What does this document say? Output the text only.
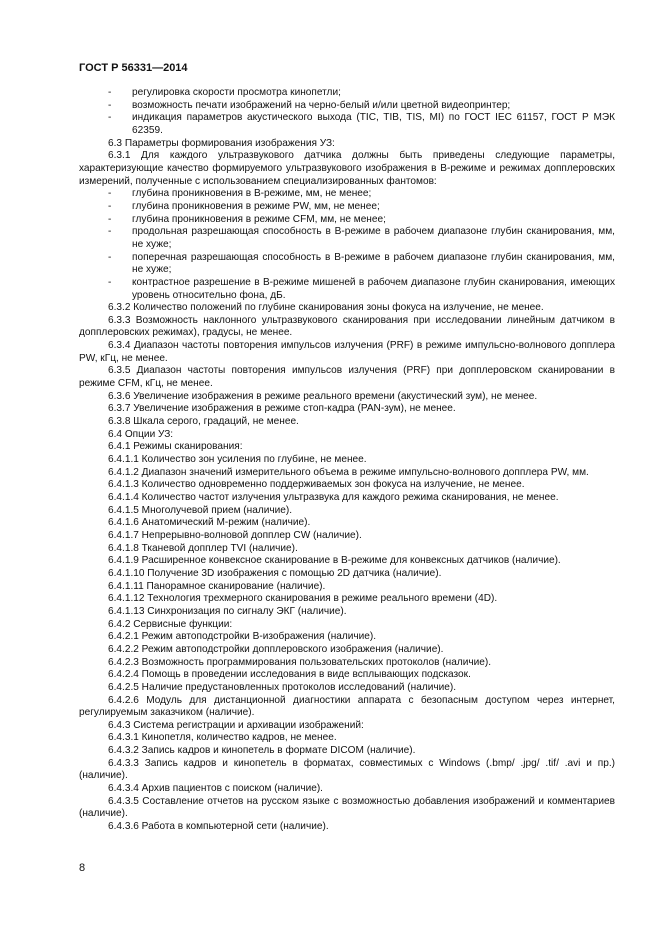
ГОСТ Р 56331—2014

- регулировка скорости просмотра кинопетли;

- возможность печати изображений на черно-белый и/или цветной видеопринтер;

- индикация параметров акустического выхода (TIC, TIB, TIS, MI) по ГОСТ IEC 61157, ГОСТ Р МЭК 62359.

6.3 Параметры формирования изображения УЗ:

6.3.1 Для каждого ультразвукового датчика должны быть приведены следующие параметры, характеризующие качество формируемого ультразвукового изображения в В-режиме и режимах допплеровских измерений, полученные с использованием специализированных фантомов:

- глубина проникновения в В-режиме, мм, не менее;

- глубина проникновения в режиме PW, мм, не менее;

- глубина проникновения в режиме CFM, мм, не менее;

- продольная разрешающая способность в В-режиме в рабочем диапазоне глубин сканирования, мм, не хуже;

- поперечная разрешающая способность в В-режиме в рабочем диапазоне глубин сканирования, мм, не хуже;

- контрастное разрешение в В-режиме мишеней в рабочем диапазоне глубин сканирования, имеющих уровень относительно фона, дБ.

6.3.2 Количество положений по глубине сканирования зоны фокуса на излучение, не менее.

6.3.3 Возможность наклонного ультразвукового сканирования при исследовании линейным датчиком в допплеровских режимах), градусы, не менее.

6.3.4 Диапазон частоты повторения импульсов излучения (PRF) в режиме импульсно-волнового допплера PW, кГц, не менее.

6.3.5 Диапазон частоты повторения импульсов излучения (PRF) при допплеровском сканировании в режиме CFM, кГц, не менее.

6.3.6 Увеличение изображения в режиме реального времени (акустический зум), не менее.

6.3.7 Увеличение изображения в режиме стоп-кадра (PAN-зум), не менее.

6.3.8 Шкала серого, градаций, не менее.

6.4 Опции УЗ:

6.4.1 Режимы сканирования:

6.4.1.1 Количество зон усиления по глубине, не менее.

6.4.1.2 Диапазон значений измерительного объема в режиме импульсно-волнового допплера PW, мм.

6.4.1.3 Количество одновременно поддерживаемых зон фокуса на излучение, не менее.

6.4.1.4 Количество частот излучения ультразвука для каждого режима сканирования, не менее.

6.4.1.5 Многолучевой прием (наличие).

6.4.1.6 Анатомический М-режим (наличие).

6.4.1.7 Непрерывно-волновой допплер CW (наличие).

6.4.1.8 Тканевой допплер TVI (наличие).

6.4.1.9 Расширенное конвексное сканирование в В-режиме для конвексных датчиков (наличие).

6.4.1.10 Получение 3D изображения с помощью 2D датчика (наличие).

6.4.1.11 Панорамное сканирование (наличие).

6.4.1.12 Технология трехмерного сканирования в режиме реального времени (4D).

6.4.1.13 Синхронизация по сигналу ЭКГ (наличие).

6.4.2 Сервисные функции:

6.4.2.1 Режим автоподстройки В-изображения (наличие).

6.4.2.2 Режим автоподстройки допплеровского изображения (наличие).

6.4.2.3 Возможность программирования пользовательских протоколов (наличие).

6.4.2.4 Помощь в проведении исследования в виде всплывающих подсказок.

6.4.2.5 Наличие предустановленных протоколов исследований (наличие).

6.4.2.6 Модуль для дистанционной диагностики аппарата с безопасным доступом через интернет, регулируемым заказчиком (наличие).

6.4.3 Система регистрации и архивации изображений:

6.4.3.1 Кинопетля, количество кадров, не менее.

6.4.3.2 Запись кадров и кинопетель в формате DICOM (наличие).

6.4.3.3 Запись кадров и кинопетель в форматах, совместимых с Windows (.bmp/ .jpg/ .tif/ .avi и пр.) (наличие).

6.4.3.4 Архив пациентов с поиском (наличие).

6.4.3.5 Составление отчетов на русском языке с возможностью добавления изображений и комментариев (наличие).

6.4.3.6 Работа в компьютерной сети (наличие).

8
